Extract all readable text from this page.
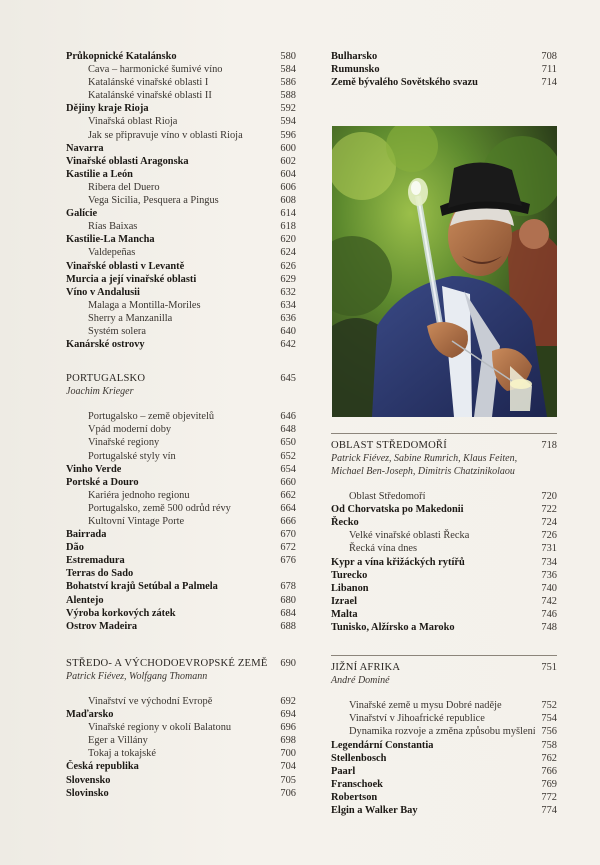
Průkopnické Katalánsko	580
Cava – harmonické šumivé víno	584
Katalánské vinařské oblasti I	586
Katalánské vinařské oblasti II	588
Dějiny kraje Rioja	592
Vinařská oblast Rioja	594
Jak se připravuje víno v oblasti Rioja	596
Navarra	600
Vinařské oblasti Aragonska	602
Kastilie a León	604
Ribera del Duero	606
Vega Sicilia, Pesquera a Pingus	608
Galície	614
Rías Baixas	618
Kastilie-La Mancha	620
Valdepeñas	624
Vinařské oblasti v Levantě	626
Murcia a její vinařské oblasti	629
Víno v Andalusii	632
Malaga a Montilla-Moriles	634
Sherry a Manzanilla	636
Systém solera	640
Kanárské ostrovy	642
PORTUGALSKO	645
Joachim Krieger
Portugalsko – země objevitelů	646
Vpád moderní doby	648
Vinařské regiony	650
Portugalské styly vín	652
Vinho Verde	654
Portské a Douro	660
Kariéra jednoho regionu	662
Portugalsko, země 500 odrůd révy	664
Kultovní Vintage Porte	666
Bairrada	670
Dão	672
Estremadura	676
Terras do Sado
Bohatství krajů Setúbal a Palmela	678
Alentejo	680
Výroba korkových zátek	684
Ostrov Madeira	688
STŘEDO- A VÝCHODOEVROPSKÉ ZEMĚ	690
Patrick Fiévez, Wolfgang Thomann
Vinařství ve východní Evropě	692
Maďarsko	694
Vinařské regiony v okolí Balatonu	696
Eger a Villány	698
Tokaj a tokajské	700
Česká republika	704
Slovensko	705
Slovinsko	706
Bulharsko	708
Rumunsko	711
Země bývalého Sovětského svazu	714
OBLAST STŘEDOMOŘÍ	718
Patrick Fiévez, Sabine Rumrich, Klaus Feiten, Michael Ben-Joseph, Dimitris Chatzinikolaou
Oblast Středomoří	720
Od Chorvatska po Makedonii	722
Řecko	724
Velké vinařské oblasti Řecka	726
Řecká vína dnes	731
Kypr a vína křižáckých rytířů	734
Turecko	736
Libanon	740
Izrael	742
Malta	746
Tunisko, Alžírsko a Maroko	748
JIŽNÍ AFRIKA	751
André Dominé
Vinařské země u mysu Dobré naděje	752
Vinařství v Jihoafrické republice	754
Dynamika rozvoje a změna způsobu myšlení 756
Legendární Constantia	758
Stellenbosch	762
Paarl	766
Franschoek	769
Robertson	772
Elgin a Walker Bay	774
